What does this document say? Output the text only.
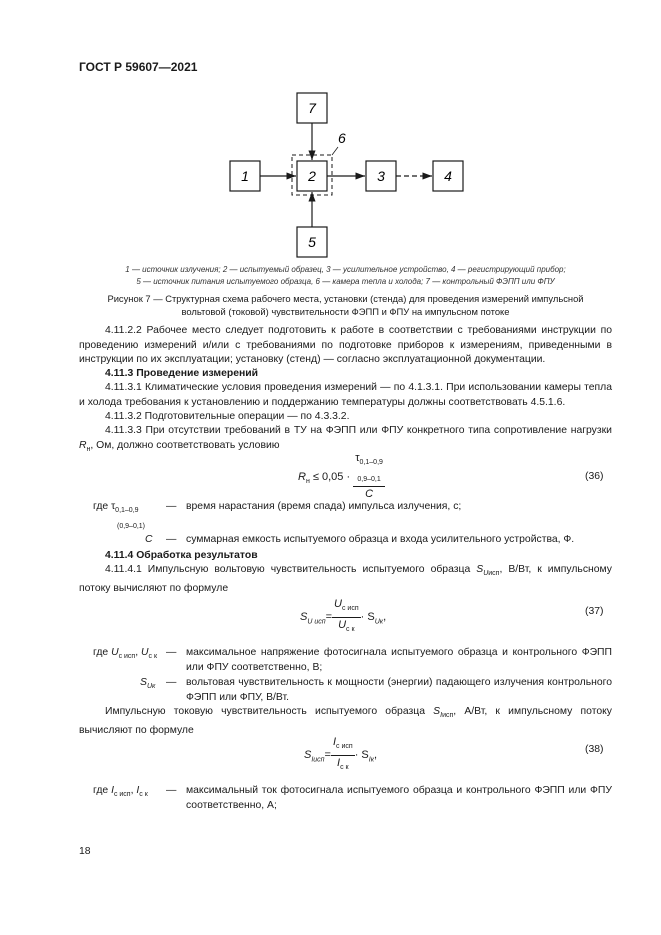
ГОСТ Р 59607—2021
7
6
2
1	3	4
5
1 — источник излучения; 2 — испытуемый образец, 3 — усилительное устройство, 4 — регистрирующий прибор;
5 — источник питания испытуемого образца, 6 — камера тепла и холода; 7 — контрольный ФЭПП или ФПУ
Рисунок 7 — Структурная схема рабочего места, установки (стенда) для проведения измерений импульсной
вольтовой (токовой) чувствительности ФЭПП и ФПУ на импульсном потоке
4.11.2.2 Рабочее место следует подготовить к работе в соответствии с требованиями инструкции по проведению измерений и/или с требованиями по подготовке приборов к измерениям, приведенными в инструкции по их эксплуатации; установку (стенд) — согласно эксплуатационной документации.
4.11.3 Проведение измерений
4.11.3.1 Климатические условия проведения измерений — по 4.1.3.1. При использовании камеры тепла и холода требования к установлению и поддержанию температуры должны соответствовать 4.5.1.6.
4.11.3.2 Подготовительные операции — по 4.3.3.2.
4.11.3.3 При отсутствии требований в ТУ на ФЭПП или ФПУ конкретного типа сопротивление нагрузки $R_н$, Ом, должно соответствовать условию
$R_н \le 0,05$ ·
$\tau_{0,1-0,9}$
$_{0,9-0,1}$
C
(36)
где $\tau_{0,1-0,9}$
(0,9–0,1)
— время нарастания (время спада) импульса излучения, с;
C — суммарная емкость испытуемого образца и входа усилительного устройства, Ф.
4.11.4 Обработка результатов
4.11.4.1 Импульсную вольтовую чувствительность испытуемого образца $S_{Uисп}$, В/Вт, к импульсному потоку вычисляют по формуле
$S_{U исп}= \frac{U_{с исп}}{U_{с к}} \cdot S_{Uк}$,	(37)
где $U_{с исп}$, $U_{с к}$ — максимальное напряжение фотосигнала испытуемого образца и контрольного ФЭПП или ФПУ соответственно, В;
$S_{Uк}$ — вольтовая чувствительность к мощности (энергии) падающего излучения контрольного ФЭПП или ФПУ, В/Вт.
Импульсную токовую чувствительность испытуемого образца $S_{Iисп}$, А/Вт, к импульсному потоку вычисляют по формуле
$S_{Iисп}= \frac{I_{с исп}}{I_{с к}} \cdot S_{Iк}$,	(38)
где $I_{с исп}$, $I_{с к}$ — максимальный ток фотосигнала испытуемого образца и контрольного ФЭПП или ФПУ соответственно, А;
18
